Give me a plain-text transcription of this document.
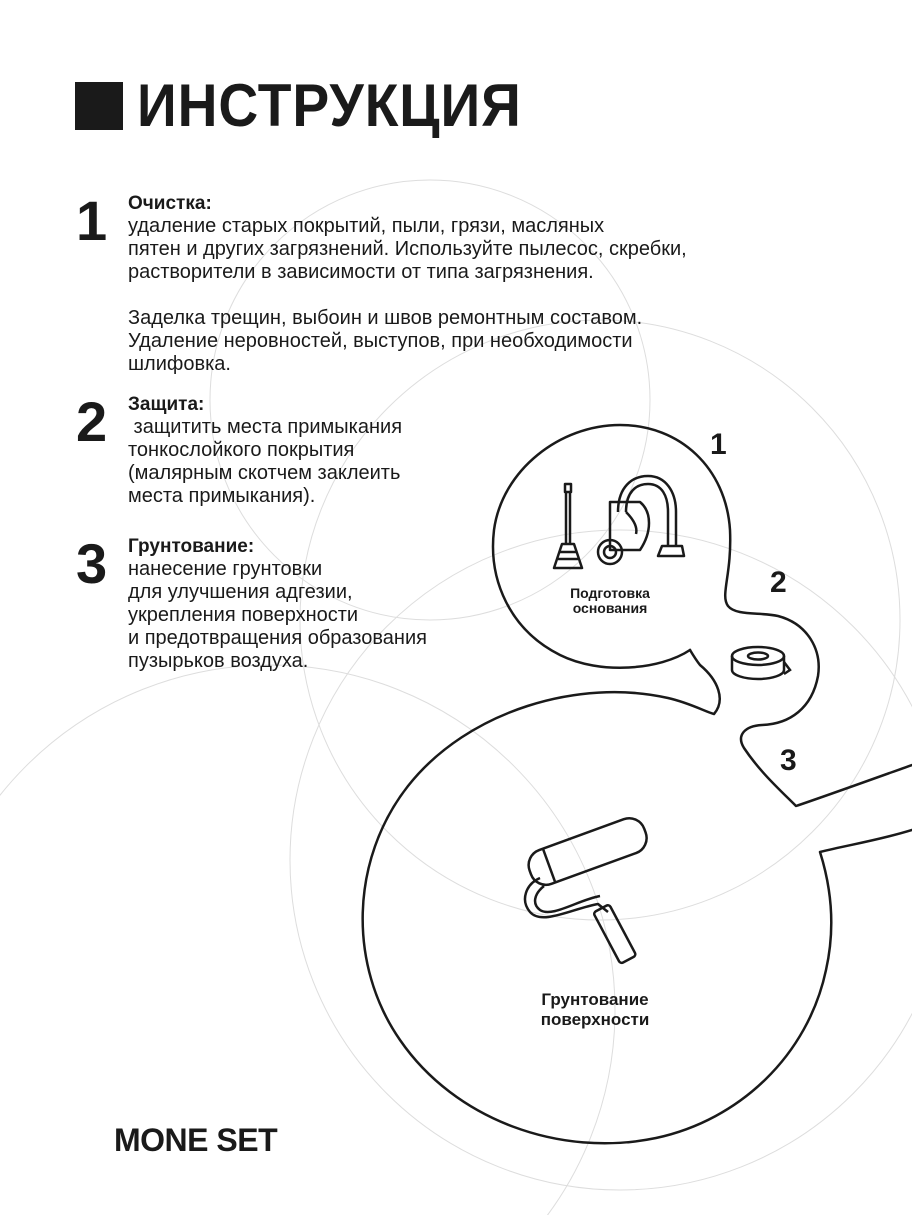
ИНСТРУКЦИЯ
1 Очистка:
удаление старых покрытий, пыли, грязи, масляных
пятен и других загрязнений. Используйте пылесос, скребки,
растворители в зависимости от типа загрязнения.
Заделка трещин, выбоин и швов ремонтным составом.
Удаление неровностей, выступов, при необходимости
шлифовка.
2 Защита:
защитить места примыкания
тонкослойкого покрытия
(малярным скотчем заклеить
места примыкания).
3 Грунтование:
нанесение грунтовки
для улучшения адгезии,
укрепления поверхности
и предотвращения образования
пузырьков воздуха.
1
2
3
Подготовка
основания
Грунтование
поверхности
MONE SET
